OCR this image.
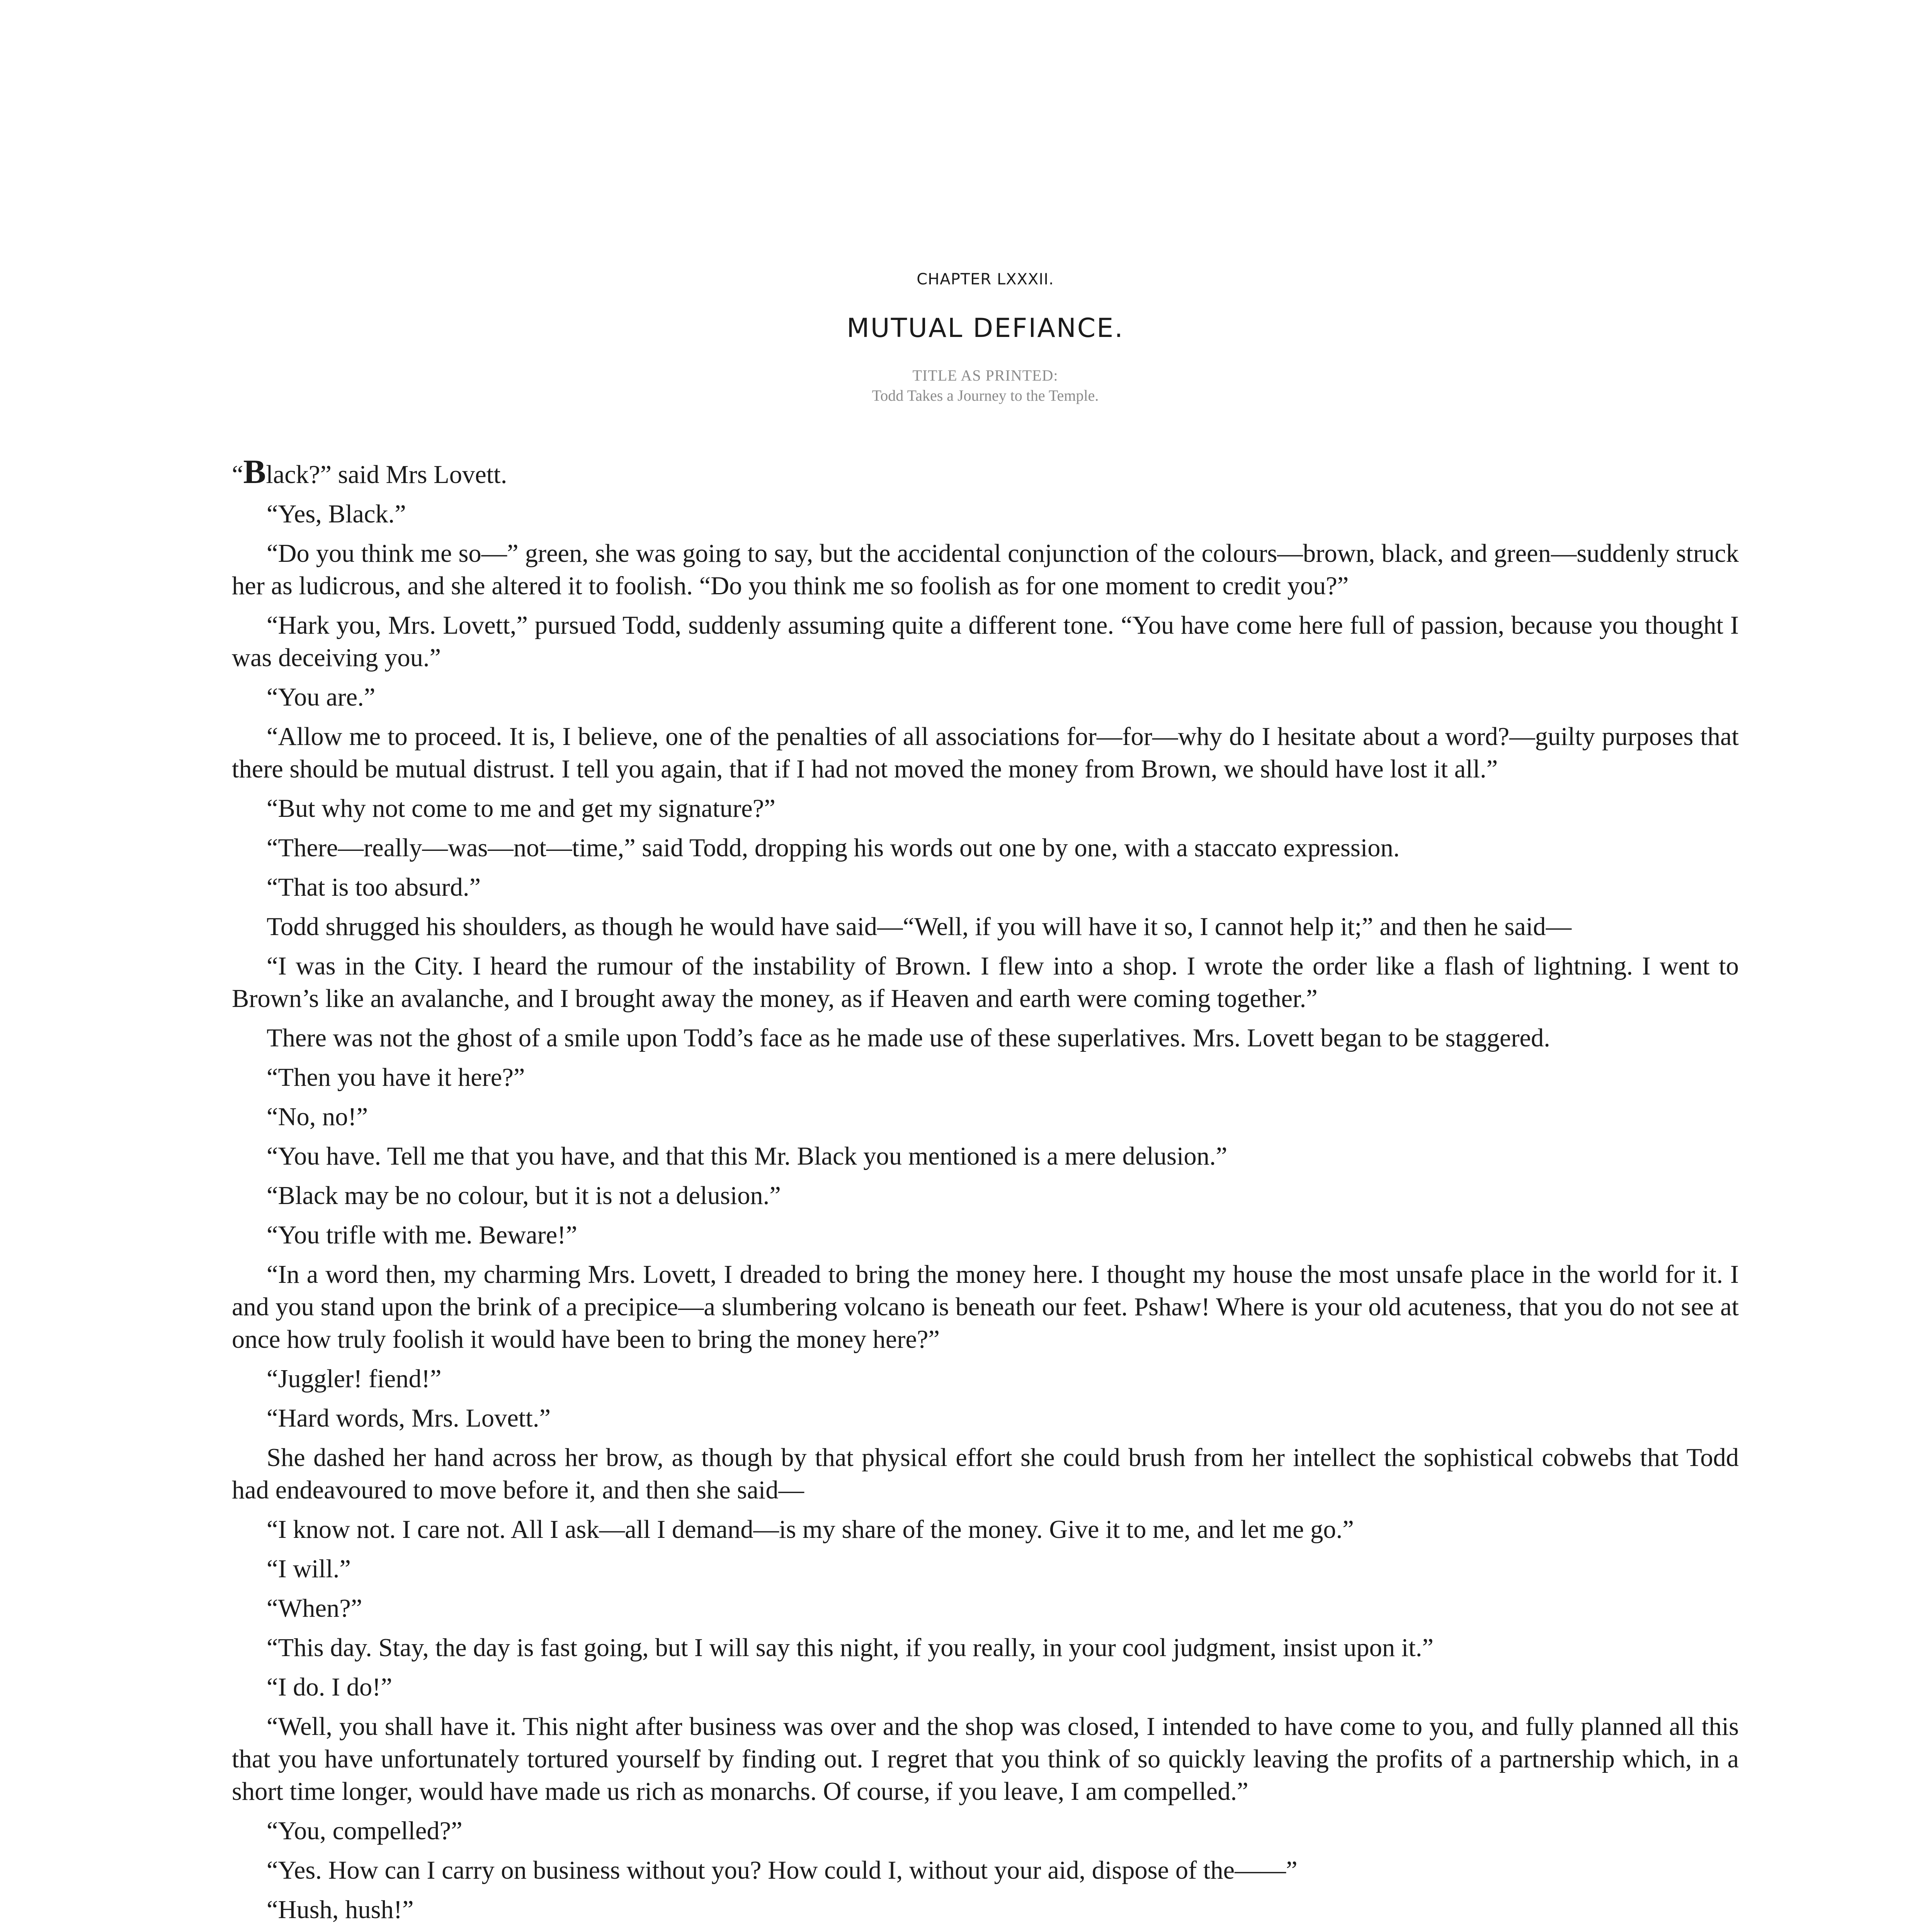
CHAPTER LXXXII.
MUTUAL DEFIANCE.
TITLE AS PRINTED:
Todd Takes a Journey to the Temple.

“Black?” said Mrs Lovett.

“Yes, Black.”

“Do you think me so—” green, she was going to say, but the accidental conjunction of the colours—brown, black, and green—suddenly struck her as ludicrous, and she altered it to foolish. “Do you think me so foolish as for one moment to credit you?”

“Hark you, Mrs. Lovett,” pursued Todd, suddenly assuming quite a different tone. “You have come here full of passion, because you thought I was deceiving you.”

“You are.”

“Allow me to proceed. It is, I believe, one of the penalties of all associations for—for—why do I hesitate about a word?—guilty purposes that there should be mutual distrust. I tell you again, that if I had not moved the money from Brown, we should have lost it all.”

“But why not come to me and get my signature?”

“There—really—was—not—time,” said Todd, dropping his words out one by one, with a staccato expression.

“That is too absurd.”

Todd shrugged his shoulders, as though he would have said—“Well, if you will have it so, I cannot help it;” and then he said—

“I was in the City. I heard the rumour of the instability of Brown. I flew into a shop. I wrote the order like a flash of lightning. I went to Brown’s like an avalanche, and I brought away the money, as if Heaven and earth were coming together.”

There was not the ghost of a smile upon Todd’s face as he made use of these superlatives. Mrs. Lovett began to be staggered.

“Then you have it here?”

“No, no!”

“You have. Tell me that you have, and that this Mr. Black you mentioned is a mere delusion.”

“Black may be no colour, but it is not a delusion.”

“You trifle with me. Beware!”

“In a word then, my charming Mrs. Lovett, I dreaded to bring the money here. I thought my house the most unsafe place in the world for it. I and you stand upon the brink of a precipice—a slumbering volcano is beneath our feet. Pshaw! Where is your old acuteness, that you do not see at once how truly foolish it would have been to bring the money here?”

“Juggler! fiend!”

“Hard words, Mrs. Lovett.”

She dashed her hand across her brow, as though by that physical effort she could brush from her intellect the sophistical cobwebs that Todd had endeavoured to move before it, and then she said—

“I know not. I care not. All I ask—all I demand—is my share of the money. Give it to me, and let me go.”

“I will.”

“When?”

“This day. Stay, the day is fast going, but I will say this night, if you really, in your cool judgment, insist upon it.”

“I do. I do!”

“Well, you shall have it. This night after business was over and the shop was closed, I intended to have come to you, and fully planned all this that you have unfortunately tortured yourself by finding out. I regret that you think of so quickly leaving the profits of a partnership which, in a short time longer, would have made us rich as monarchs. Of course, if you leave, I am compelled.”

“You, compelled?”

“Yes. How can I carry on business without you? How could I, without your aid, dispose of the——”

“Hush, hush!”
